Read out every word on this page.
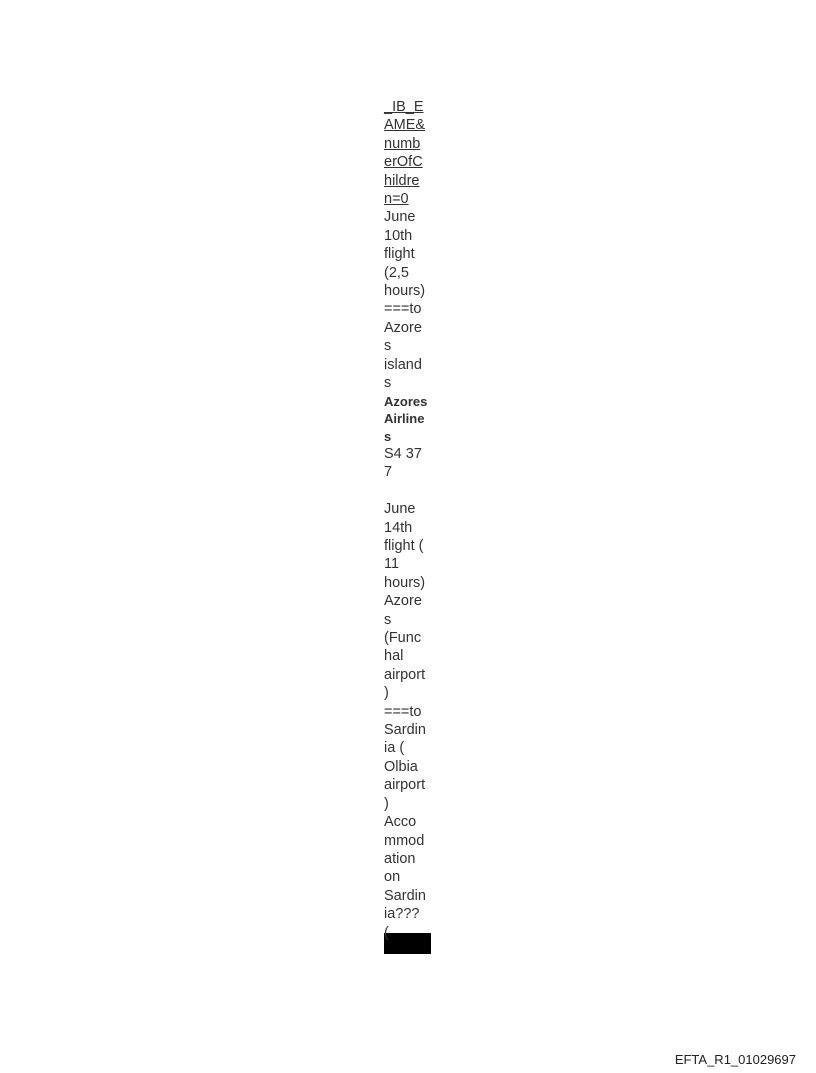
_IB_E
AME&
numb
erOfC
hildre
n=0
June
10th
flight
(2,5
hours)
===to
Azore
s
island
s
Azores
Airline
s
S4 37
7
June
14th
flight (
11
hours)
Azore
s
(Func
hal
airport
)
===to
Sardin
ia (
Olbia
airport
)
Acco
mmod
ation
on
Sardin
ia???
(
EFTA_R1_01029697
